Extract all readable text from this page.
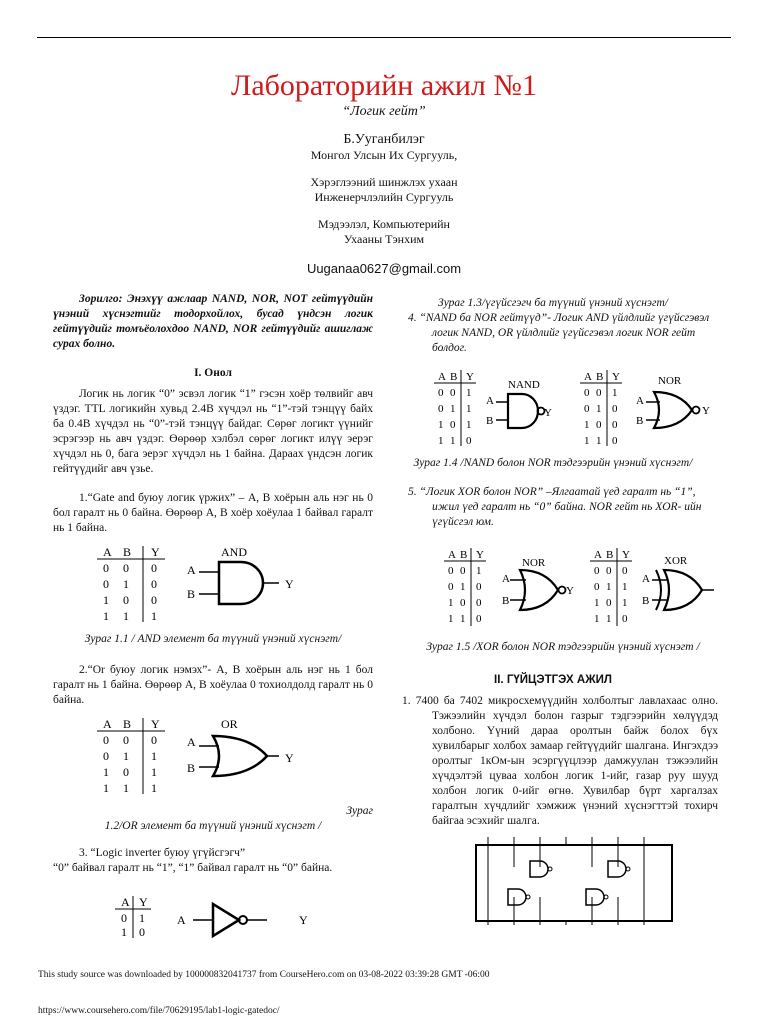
Лабораторийн ажил №1
“Логик гейт”
Б.Ууганбилэг
Монгол Улсын Их Сургууль,
Хэрэглээний шинжлэх ухаан
Инженерчлэлийн Сургууль
Мэдээлэл, Компьютерийн
Ухааны Тэнхим
Uuganaa0627@gmail.com

Зорилго: Энэхүү ажлаар NAND, NOR, NOT гейтүүдийн үнэний хүснэгтийг тодорхойлох, бусад үндсэн логик гейтүүдийг томъёолохдоо NAND, NOR гейтүүдийг ашиглаж сурах болно.

I. Онол

Логик нь логик “0” эсвэл логик “1” гэсэн хоёр төлвийг авч үздэг. TTL логикийн хувьд 2.4В хүчдэл нь “1”-тэй тэнцүү байх ба 0.4В хүчдэл нь “0”-тэй тэнцүү байдаг. Сөрөг логикт үүнийг эсрэгээр нь авч үздэг. Өөрөөр хэлбэл сөрөг логикт илүү эерэг хүчдэл нь 0, бага эерэг хүчдэл нь 1 байна. Дараах үндсэн логик гейтүүдийг авч үзье.

1.“Gate and буюу логик үржих” – A, B хоёрын аль нэг нь 0 бол гаралт нь 0 байна. Өөрөөр A, B хоёр хоёулаа 1 байвал гаралт нь 1 байна.

A B Y
0 0 0
0 1 0
1 0 0
1 1 1
AND
A
B
Y

Зураг 1.1 / AND элемент ба түүний үнэний хүснэгт/

2.“Or буюу логик нэмэх”- A, B хоёрын аль нэг нь 1 бол гаралт нь 1 байна. Өөрөөр A, B хоёулаа 0 тохиолдолд гаралт нь 0 байна.

A B Y
0 0 0
0 1 1
1 0 1
1 1 1
OR
A
B
Y

Зураг

1.2/OR элемент ба түүний үнэний хүснэгт /

3. “Logic inverter буюу үгүйсгэгч”

“0” байвал гаралт нь “1”, “1” байвал гаралт нь “0” байна.

A Y
0 1
1 0
A	Y

Зураг 1.3/үгүйсгэгч ба түүний үнэний хүснэгт/

4. “NAND ба NOR гейтүүд”- Логик AND үйлдлийг үгүйсгэвэл логик NAND, OR үйлдлийг үгүйсгэвэл логик NOR гейт болдог.

A B Y
0 0 1
0 1 1
1 0 1
1 1 0
NAND
A
B
Y
A B Y
0 0 1
0 1 0
1 0 0
1 1 0
NOR
A
B
Y

Зураг 1.4 /NAND болон NOR тэдгээрийн үнэний хүснэгт/

5. “Логик XOR болон NOR” –Ялгаатай үед гаралт нь “1”, ижил үед гаралт нь “0” байна. NOR гейт нь XOR- ийн үгүйсгэл юм.

A B Y
0 0 1
0 1 0
1 0 0
1 1 0
NOR
A
B
Y
A B Y
0 0 0
0 1 1
1 0 1
1 1 0
XOR
A
B

Зураг 1.5 /XOR болон NOR тэдгээрийн үнэний хүснэгт /

II. ГҮЙЦЭТГЭХ АЖИЛ

1. 7400 ба 7402 микросхемүүдийн холболтыг лавлахаас олно. Тэжээлийн хүчдэл болон газрыг тэдгээрийн хөлүүдэд холбоно. Үүний дараа оролтын байж болох бүх хувилбарыг холбох замаар гейтүүдийг шалгана. Ингэхдээ оролтыг 1кОм-ын эсэргүүцлээр дамжуулан тэжээлийн хүчдэлтэй цуваа холбон логик 1-ийг, газар руу шууд холбон логик 0-ийг өгнө. Хувилбар бүрт харгалзах гаралтын хүчдлийг хэмжиж үнэний хүснэгттэй тохирч байгаа эсэхийг шалга.

This study source was downloaded by 100000832041737 from CourseHero.com on 03-08-2022 03:39:28 GMT -06:00
https://www.coursehero.com/file/70629195/lab1-logic-gatedoc/
